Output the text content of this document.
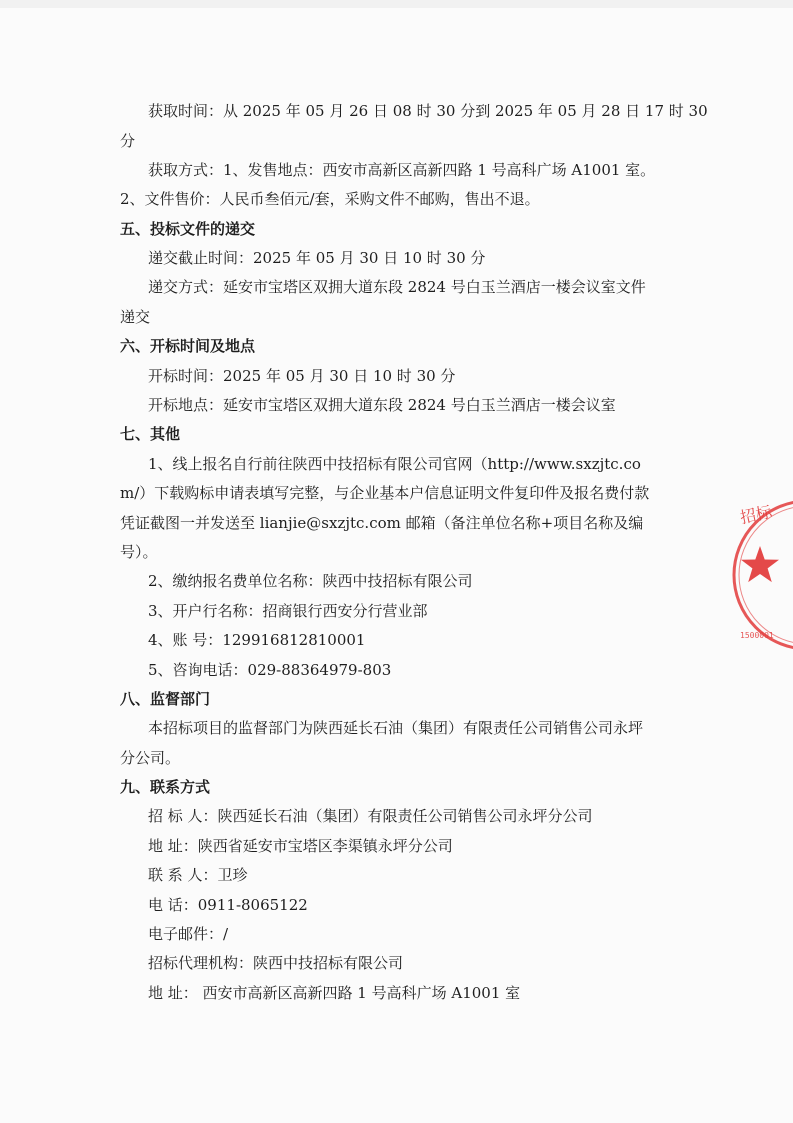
获取时间：从 2025 年 05 月 26 日 08 时 30 分到 2025 年 05 月 28 日 17 时 30
分
获取方式：1、发售地点：西安市高新区高新四路 1 号高科广场 A1001 室。
2、文件售价：人民币叁佰元/套，采购文件不邮购，售出不退。
五、投标文件的递交
递交截止时间：2025 年 05 月 30 日 10 时 30 分
递交方式：延安市宝塔区双拥大道东段 2824 号白玉兰酒店一楼会议室文件
递交
六、开标时间及地点
开标时间：2025 年 05 月 30 日 10 时 30 分
开标地点：延安市宝塔区双拥大道东段 2824 号白玉兰酒店一楼会议室
七、其他
1、线上报名自行前往陕西中技招标有限公司官网（http://www.sxzjtc.co
m/）下载购标申请表填写完整，与企业基本户信息证明文件复印件及报名费付款
凭证截图一并发送至 lianjie@sxzjtc.com 邮箱（备注单位名称+项目名称及编
号）。
2、缴纳报名费单位名称：陕西中技招标有限公司
3、开户行名称：招商银行西安分行营业部
4、账 号：129916812810001
5、咨询电话：029-88364979-803
八、监督部门
本招标项目的监督部门为陕西延长石油（集团）有限责任公司销售公司永坪
分公司。
九、联系方式
招 标 人：陕西延长石油（集团）有限责任公司销售公司永坪分公司
地 址：陕西省延安市宝塔区李渠镇永坪分公司
联 系 人：卫珍
电 话：0911-8065122
电子邮件：/
招标代理机构：陕西中技招标有限公司
地 址： 西安市高新区高新四路 1 号高科广场 A1001 室
招标
1500001
